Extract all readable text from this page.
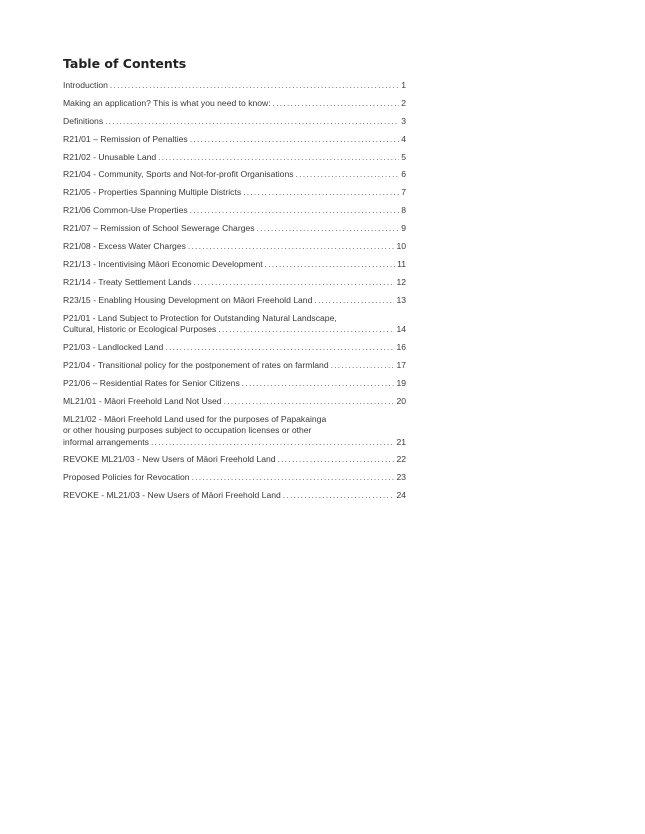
Table of Contents
Introduction . . .	1
Making an application? This is what you need to know: . . .	2
Definitions . . .	3
R21/01 – Remission of Penalties . . .	4
R21/02 - Unusable Land . . .	5
R21/04 - Community, Sports and Not-for-profit Organisations . . .	6
R21/05 - Properties Spanning Multiple Districts . . .	7
R21/06 Common-Use Properties . . .	8
R21/07 – Remission of School Sewerage Charges . . .	9
R21/08 - Excess Water Charges . . .	10
R21/13 - Incentivising Māori Economic Development . . .	11
R21/14 - Treaty Settlement Lands . . .	12
R23/15 - Enabling Housing Development on Māori Freehold Land . . .	13
P21/01 - Land Subject to Protection for Outstanding Natural Landscape,
Cultural, Historic or Ecological Purposes . . .	14
P21/03 - Landlocked Land . . .	16
P21/04 - Transitional policy for the postponement of rates on farmland . . .	17
P21/06 – Residential Rates for Senior Citizens . . .	19
ML21/01 - Māori Freehold Land Not Used . . .	20
ML21/02 - Māori Freehold Land used for the purposes of Papakainga
or other housing purposes subject to occupation licenses or other
informal arrangements . . .	21
REVOKE ML21/03 - New Users of Māori Freehold Land . . .	22
Proposed Policies for Revocation . . .	23
REVOKE - ML21/03 - New Users of Māori Freehold Land . . .	24
